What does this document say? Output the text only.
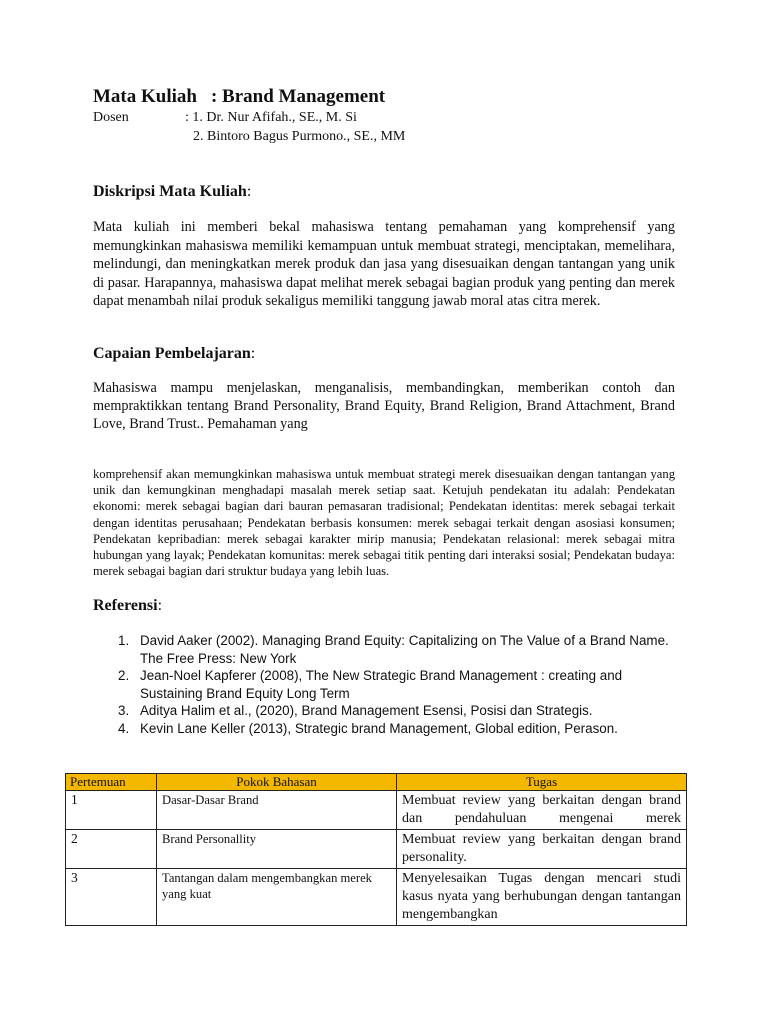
Mata Kuliah : Brand Management
Dosen	: 1. Dr. Nur Afifah., SE., M. Si
2. Bintoro Bagus Purmono., SE., MM
Diskripsi Mata Kuliah:

Mata kuliah ini memberi bekal mahasiswa tentang pemahaman yang komprehensif yang memungkinkan mahasiswa memiliki kemampuan untuk membuat strategi, menciptakan, memelihara, melindungi, dan meningkatkan merek produk dan jasa yang disesuaikan dengan tantangan yang unik di pasar. Harapannya, mahasiswa dapat melihat merek sebagai bagian produk yang penting dan merek dapat menambah nilai produk sekaligus memiliki tanggung jawab moral atas citra merek.

Capaian Pembelajaran:

Mahasiswa mampu menjelaskan, menganalisis, membandingkan, memberikan contoh dan mempraktikkan tentang Brand Personality, Brand Equity, Brand Religion, Brand Attachment, Brand Love, Brand Trust.. Pemahaman yang

komprehensif akan memungkinkan mahasiswa untuk membuat strategi merek disesuaikan dengan tantangan yang unik dan kemungkinan menghadapi masalah merek setiap saat. Ketujuh pendekatan itu adalah: Pendekatan ekonomi: merek sebagai bagian dari bauran pemasaran tradisional; Pendekatan identitas: merek sebagai terkait dengan identitas perusahaan; Pendekatan berbasis konsumen: merek sebagai terkait dengan asosiasi konsumen; Pendekatan kepribadian: merek sebagai karakter mirip manusia; Pendekatan relasional: merek sebagai mitra hubungan yang layak; Pendekatan komunitas: merek sebagai titik penting dari interaksi sosial; Pendekatan budaya: merek sebagai bagian dari struktur budaya yang lebih luas.

Referensi:
1. David Aaker (2002). Managing Brand Equity: Capitalizing on The Value of a Brand Name. The Free Press: New York
2. Jean-Noel Kapferer (2008), The New Strategic Brand Management : creating and Sustaining Brand Equity Long Term
3. Aditya Halim et al., (2020), Brand Management Esensi, Posisi dan Strategis.
4. Kevin Lane Keller (2013), Strategic brand Management, Global edition, Perason.
Pertemuan	Pokok Bahasan	Tugas
1	Dasar-Dasar Brand	Membuat review yang berkaitan dengan brand dan pendahuluan mengenai merek
2	Brand Personallity	Membuat review yang berkaitan dengan brand personality.
3	Tantangan dalam mengembangkan merek yang kuat	Menyelesaikan Tugas dengan mencari studi kasus nyata yang berhubungan dengan tantangan mengembangkan
